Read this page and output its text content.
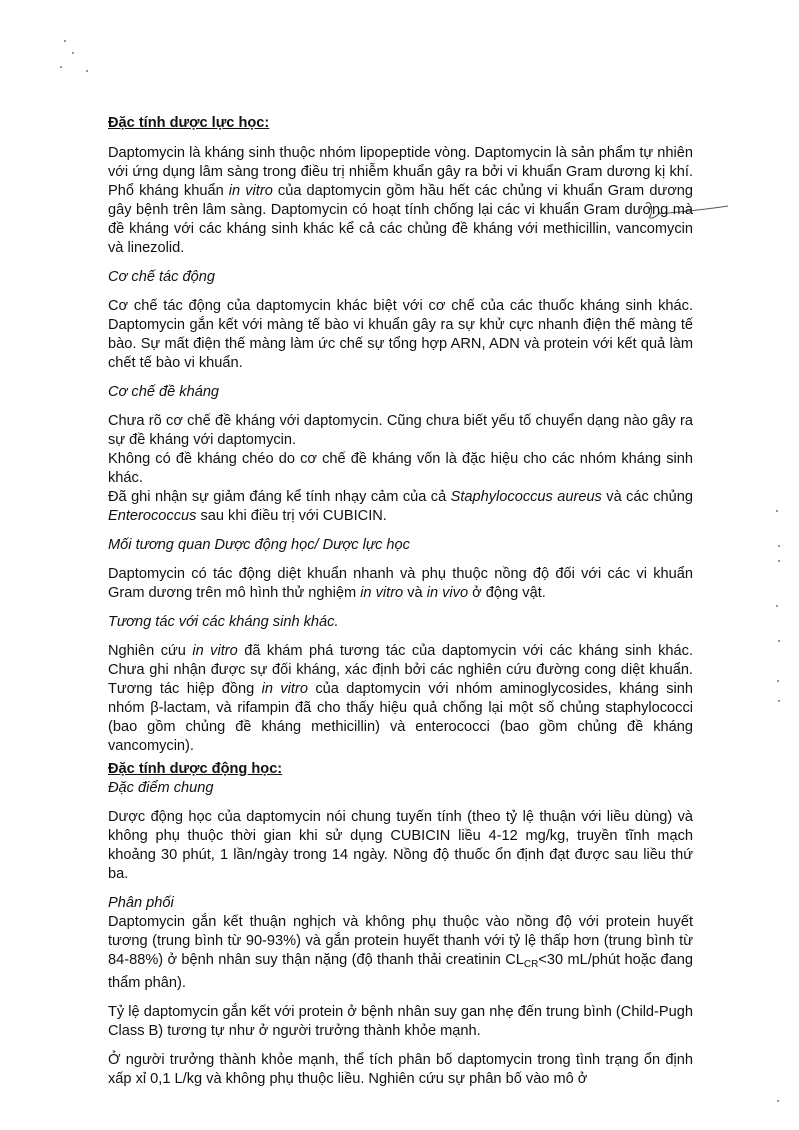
Đặc tính dược lực học:

Daptomycin là kháng sinh thuộc nhóm lipopeptide vòng. Daptomycin là sản phẩm tự nhiên với ứng dụng lâm sàng trong điều trị nhiễm khuẩn gây ra bởi vi khuẩn Gram dương kị khí. Phổ kháng khuẩn in vitro của daptomycin gồm hầu hết các chủng vi khuẩn Gram dương gây bệnh trên lâm sàng. Daptomycin có hoạt tính chống lại các vi khuẩn Gram dương mà đề kháng với các kháng sinh khác kể cả các chủng đề kháng với methicillin, vancomycin và linezolid.

Cơ chế tác động

Cơ chế tác động của daptomycin khác biệt với cơ chế của các thuốc kháng sinh khác. Daptomycin gắn kết với màng tế bào vi khuẩn gây ra sự khử cực nhanh điện thế màng tế bào. Sự mất điện thế màng làm ức chế sự tổng hợp ARN, ADN và protein với kết quả làm chết tế bào vi khuẩn.

Cơ chế đề kháng

Chưa rõ cơ chế đề kháng với daptomycin. Cũng chưa biết yếu tố chuyển dạng nào gây ra sự đề kháng với daptomycin.

Không có đề kháng chéo do cơ chế đề kháng vốn là đặc hiệu cho các nhóm kháng sinh khác.

Đã ghi nhận sự giảm đáng kể tính nhạy cảm của cả Staphylococcus aureus và các chủng Enterococcus sau khi điều trị với CUBICIN.

Mối tương quan Dược động học/ Dược lực học

Daptomycin có tác động diệt khuẩn nhanh và phụ thuộc nồng độ đối với các vi khuẩn Gram dương trên mô hình thử nghiệm in vitro và in vivo ở động vật.

Tương tác với các kháng sinh khác.

Nghiên cứu in vitro đã khám phá tương tác của daptomycin với các kháng sinh khác. Chưa ghi nhận được sự đối kháng, xác định bởi các nghiên cứu đường cong diệt khuẩn. Tương tác hiệp đồng in vitro của daptomycin với nhóm aminoglycosides, kháng sinh nhóm β-lactam, và rifampin đã cho thấy hiệu quả chống lại một số chủng staphylococci (bao gồm chủng đề kháng methicillin) và enterococci (bao gồm chủng đề kháng vancomycin).

Đặc tính dược động học:

Đặc điểm chung

Dược động học của daptomycin nói chung tuyến tính (theo tỷ lệ thuận với liều dùng) và không phụ thuộc thời gian khi sử dụng CUBICIN liều 4-12 mg/kg, truyền tĩnh mạch khoảng 30 phút, 1 lần/ngày trong 14 ngày. Nồng độ thuốc ổn định đạt được sau liều thứ ba.

Phân phối

Daptomycin gắn kết thuận nghịch và không phụ thuộc vào nồng độ với protein huyết tương (trung bình từ 90-93%) và gắn protein huyết thanh với tỷ lệ thấp hơn (trung bình từ 84-88%) ở bệnh nhân suy thận nặng (độ thanh thải creatinin $CL_{CR}<30$ mL/phút hoặc đang thẩm phân).

Tỷ lệ daptomycin gắn kết với protein ở bệnh nhân suy gan nhẹ đến trung bình (Child-Pugh Class B) tương tự như ở người trưởng thành khỏe mạnh.

Ở người trưởng thành khỏe mạnh, thể tích phân bố daptomycin trong tình trạng ổn định xấp xỉ 0,1 L/kg và không phụ thuộc liều. Nghiên cứu sự phân bố vào mô ở
